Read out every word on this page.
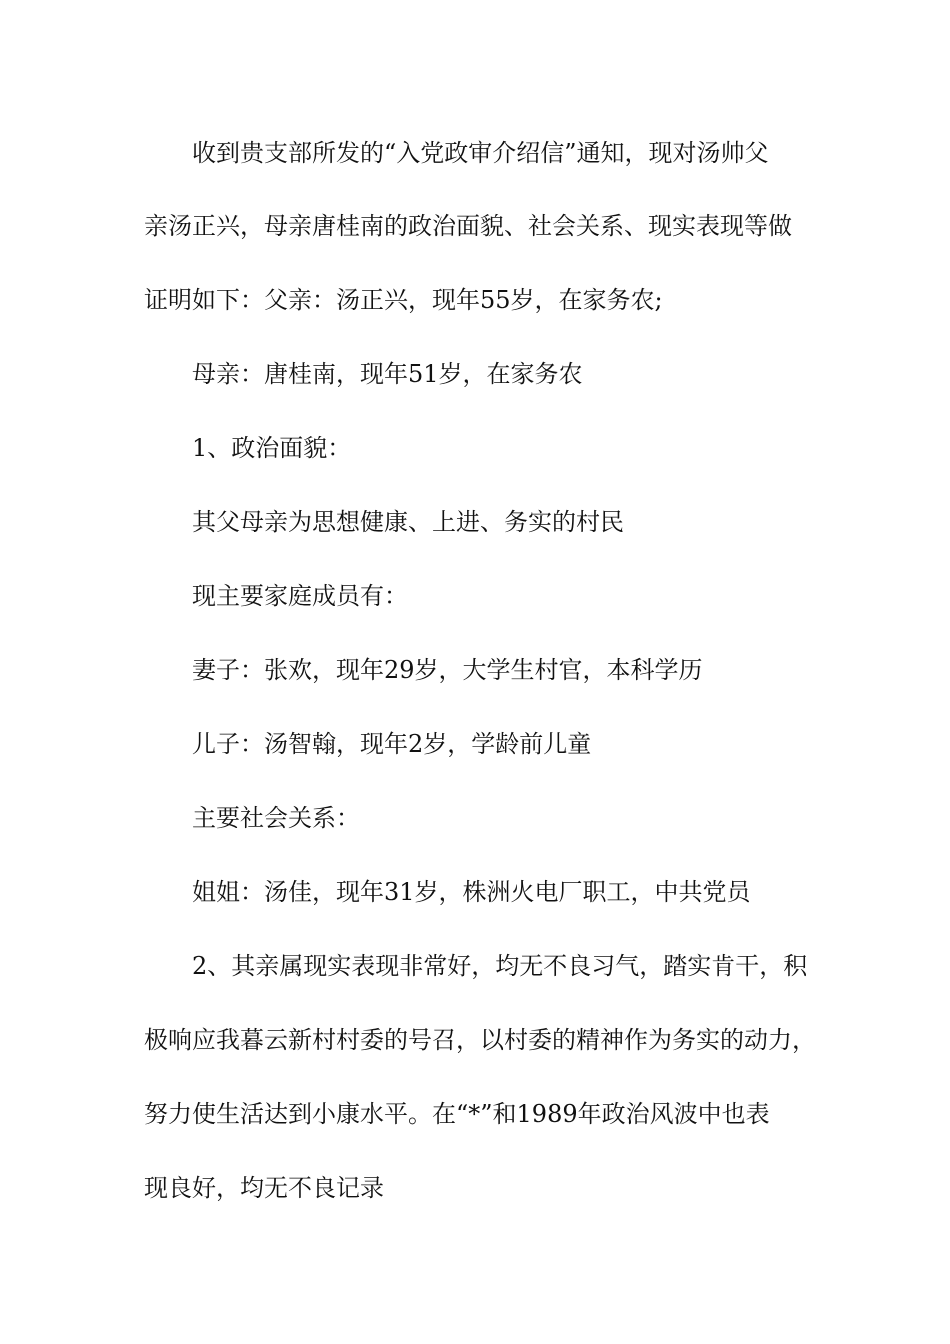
收到贵支部所发的“入党政审介绍信”通知，现对汤帅父
亲汤正兴，母亲唐桂南的政治面貌、社会关系、现实表现等做
证明如下：父亲：汤正兴，现年55岁，在家务农;
母亲：唐桂南，现年51岁，在家务农
1、政治面貌：
其父母亲为思想健康、上进、务实的村民
现主要家庭成员有：
妻子：张欢，现年29岁，大学生村官，本科学历
儿子：汤智翰，现年2岁，学龄前儿童
主要社会关系：
姐姐：汤佳，现年31岁，株洲火电厂职工，中共党员
2、其亲属现实表现非常好，均无不良习气，踏实肯干，积
极响应我暮云新村村委的号召，以村委的精神作为务实的动力，
努力使生活达到小康水平。在“*”和1989年政治风波中也表
现良好，均无不良记录
